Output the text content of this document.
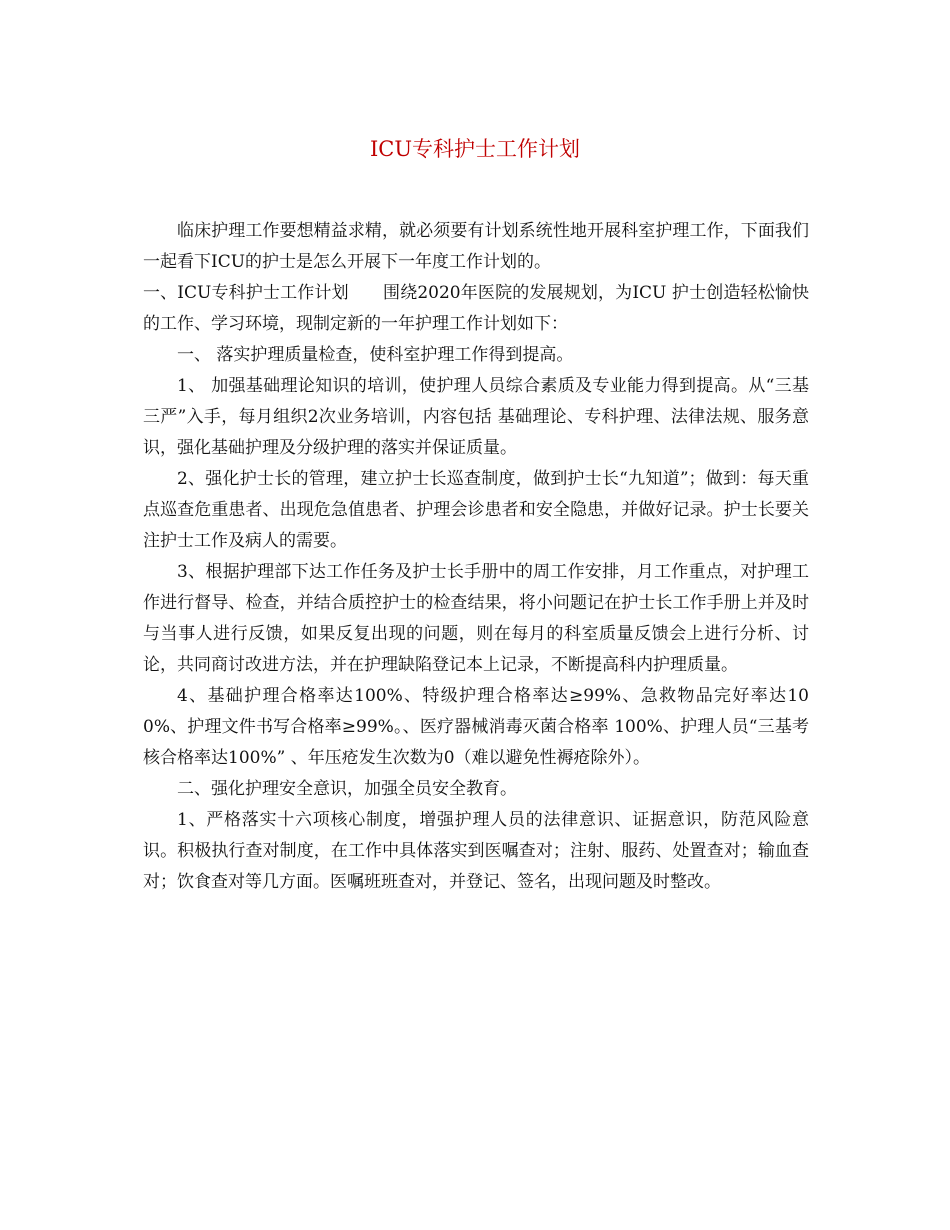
ICU专科护士工作计划

临床护理工作要想精益求精，就必须要有计划系统性地开展科室护理工作，下面我们一起看下ICU的护士是怎么开展下一年度工作计划的。

一、ICU专科护士工作计划　　围绕2020年医院的发展规划，为ICU 护士创造轻松愉快的工作、学习环境，现制定新的一年护理工作计划如下：

一、 落实护理质量检查，使科室护理工作得到提高。

1、 加强基础理论知识的培训，使护理人员综合素质及专业能力得到提高。从“三基三严”入手，每月组织2次业务培训，内容包括 基础理论、专科护理、法律法规、服务意识，强化基础护理及分级护理的落实并保证质量。

2、强化护士长的管理，建立护士长巡查制度，做到护士长“九知道”；做到：每天重点巡查危重患者、出现危急值患者、护理会诊患者和安全隐患，并做好记录。护士长要关注护士工作及病人的需要。

3、根据护理部下达工作任务及护士长手册中的周工作安排，月工作重点，对护理工作进行督导、检查，并结合质控护士的检查结果，将小问题记在护士长工作手册上并及时与当事人进行反馈，如果反复出现的问题，则在每月的科室质量反馈会上进行分析、讨论，共同商讨改进方法，并在护理缺陷登记本上记录，不断提高科内护理质量。

4、基础护理合格率达100%、特级护理合格率达≥99%、急救物品完好率达100%、护理文件书写合格率≥99%。、医疗器械消毒灭菌合格率 100%、护理人员“三基考核合格率达100%” 、年压疮发生次数为0（难以避免性褥疮除外）。

二、强化护理安全意识，加强全员安全教育。

1、严格落实十六项核心制度，增强护理人员的法律意识、证据意识，防范风险意识。积极执行查对制度，在工作中具体落实到医嘱查对；注射、服药、处置查对；输血查对；饮食查对等几方面。医嘱班班查对，并登记、签名，出现问题及时整改。
